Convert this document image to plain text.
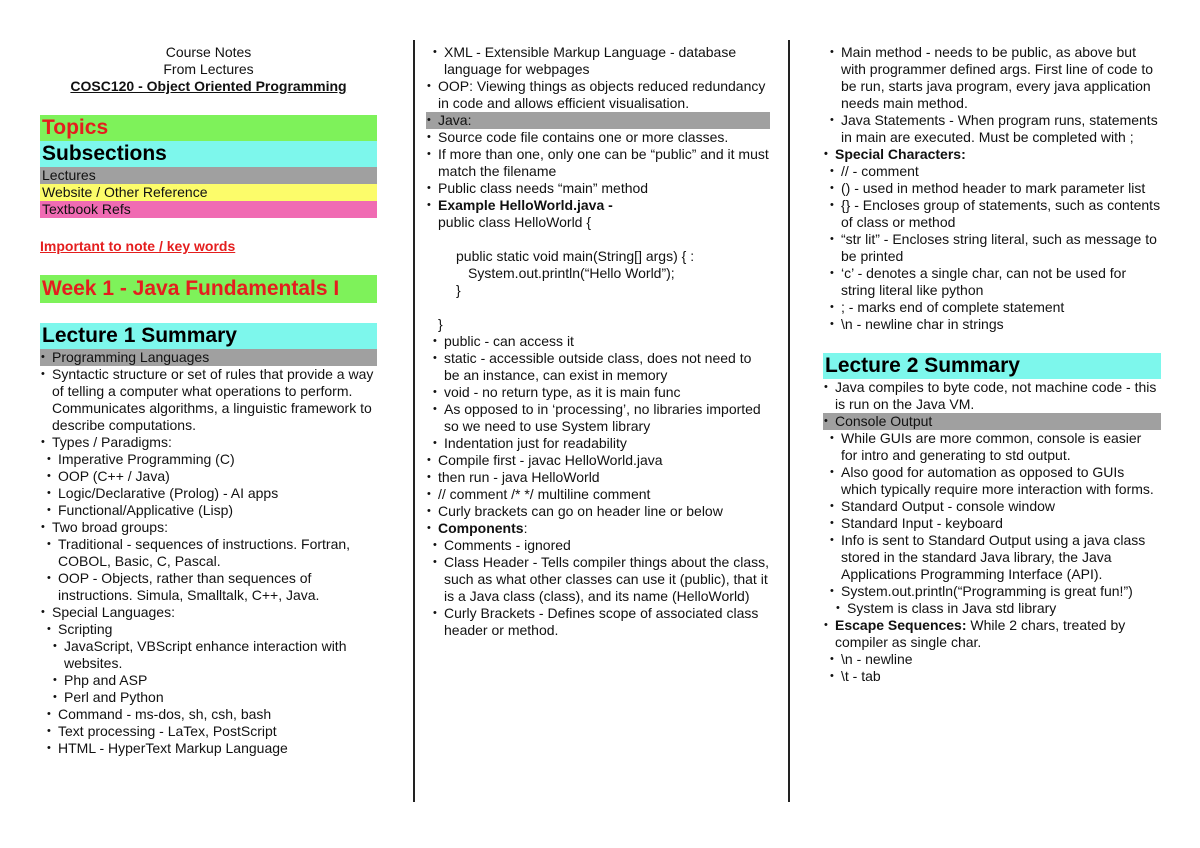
Course Notes
From Lectures
COSC120 - Object Oriented Programming
Topics
Subsections
Lectures
Website / Other Reference
Textbook Refs
Important to note / key words
Week 1 - Java Fundamentals I
Lecture 1 Summary
• Programming Languages
• Syntactic structure or set of rules that provide a way of telling a computer what operations to perform. Communicates algorithms, a linguistic framework to describe computations.
• Types / Paradigms:
• Imperative Programming (C)
• OOP (C++ / Java)
• Logic/Declarative (Prolog) - AI apps
• Functional/Applicative (Lisp)
• Two broad groups:
• Traditional - sequences of instructions. Fortran, COBOL, Basic, C, Pascal.
• OOP - Objects, rather than sequences of instructions. Simula, Smalltalk, C++, Java.
• Special Languages:
• Scripting
• JavaScript, VBScript enhance interaction with websites.
• Php and ASP
• Perl and Python
• Command - ms-dos, sh, csh, bash
• Text processing - LaTex, PostScript
• HTML - HyperText Markup Language
• XML - Extensible Markup Language - database language for webpages
• OOP: Viewing things as objects reduced redundancy in code and allows efficient visualisation.
• Java:
• Source code file contains one or more classes.
• If more than one, only one can be “public” and it must match the filename
• Public class needs “main” method
• Example HelloWorld.java -
public class HelloWorld {
public static void main(String[] args) { :
System.out.println(“Hello World”);
}
}
• public - can access it
• static - accessible outside class, does not need to be an instance, can exist in memory
• void - no return type, as it is main func
• As opposed to in ‘processing’, no libraries imported so we need to use System library
• Indentation just for readability
• Compile first - javac HelloWorld.java
• then run - java HelloWorld
• // comment /* */ multiline comment
• Curly brackets can go on header line or below
• Components:
• Comments - ignored
• Class Header - Tells compiler things about the class, such as what other classes can use it (public), that it is a Java class (class), and its name (HelloWorld)
• Curly Brackets - Defines scope of associated class header or method.
• Main method - needs to be public, as above but with programmer defined args. First line of code to be run, starts java program, every java application needs main method.
• Java Statements - When program runs, statements in main are executed. Must be completed with ;
• Special Characters:
• // - comment
• () - used in method header to mark parameter list
• {} - Encloses group of statements, such as contents of class or method
• “str lit” - Encloses string literal, such as message to be printed
• ‘c’ - denotes a single char, can not be used for string literal like python
• ; - marks end of complete statement
• \n - newline char in strings
Lecture 2 Summary
• Java compiles to byte code, not machine code - this is run on the Java VM.
• Console Output
• While GUIs are more common, console is easier for intro and generating to std output.
• Also good for automation as opposed to GUIs which typically require more interaction with forms.
• Standard Output - console window
• Standard Input - keyboard
• Info is sent to Standard Output using a java class stored in the standard Java library, the Java Applications Programming Interface (API).
• System.out.println(“Programming is great fun!”)
• System is class in Java std library
• Escape Sequences: While 2 chars, treated by compiler as single char.
• \n - newline
• \t - tab
